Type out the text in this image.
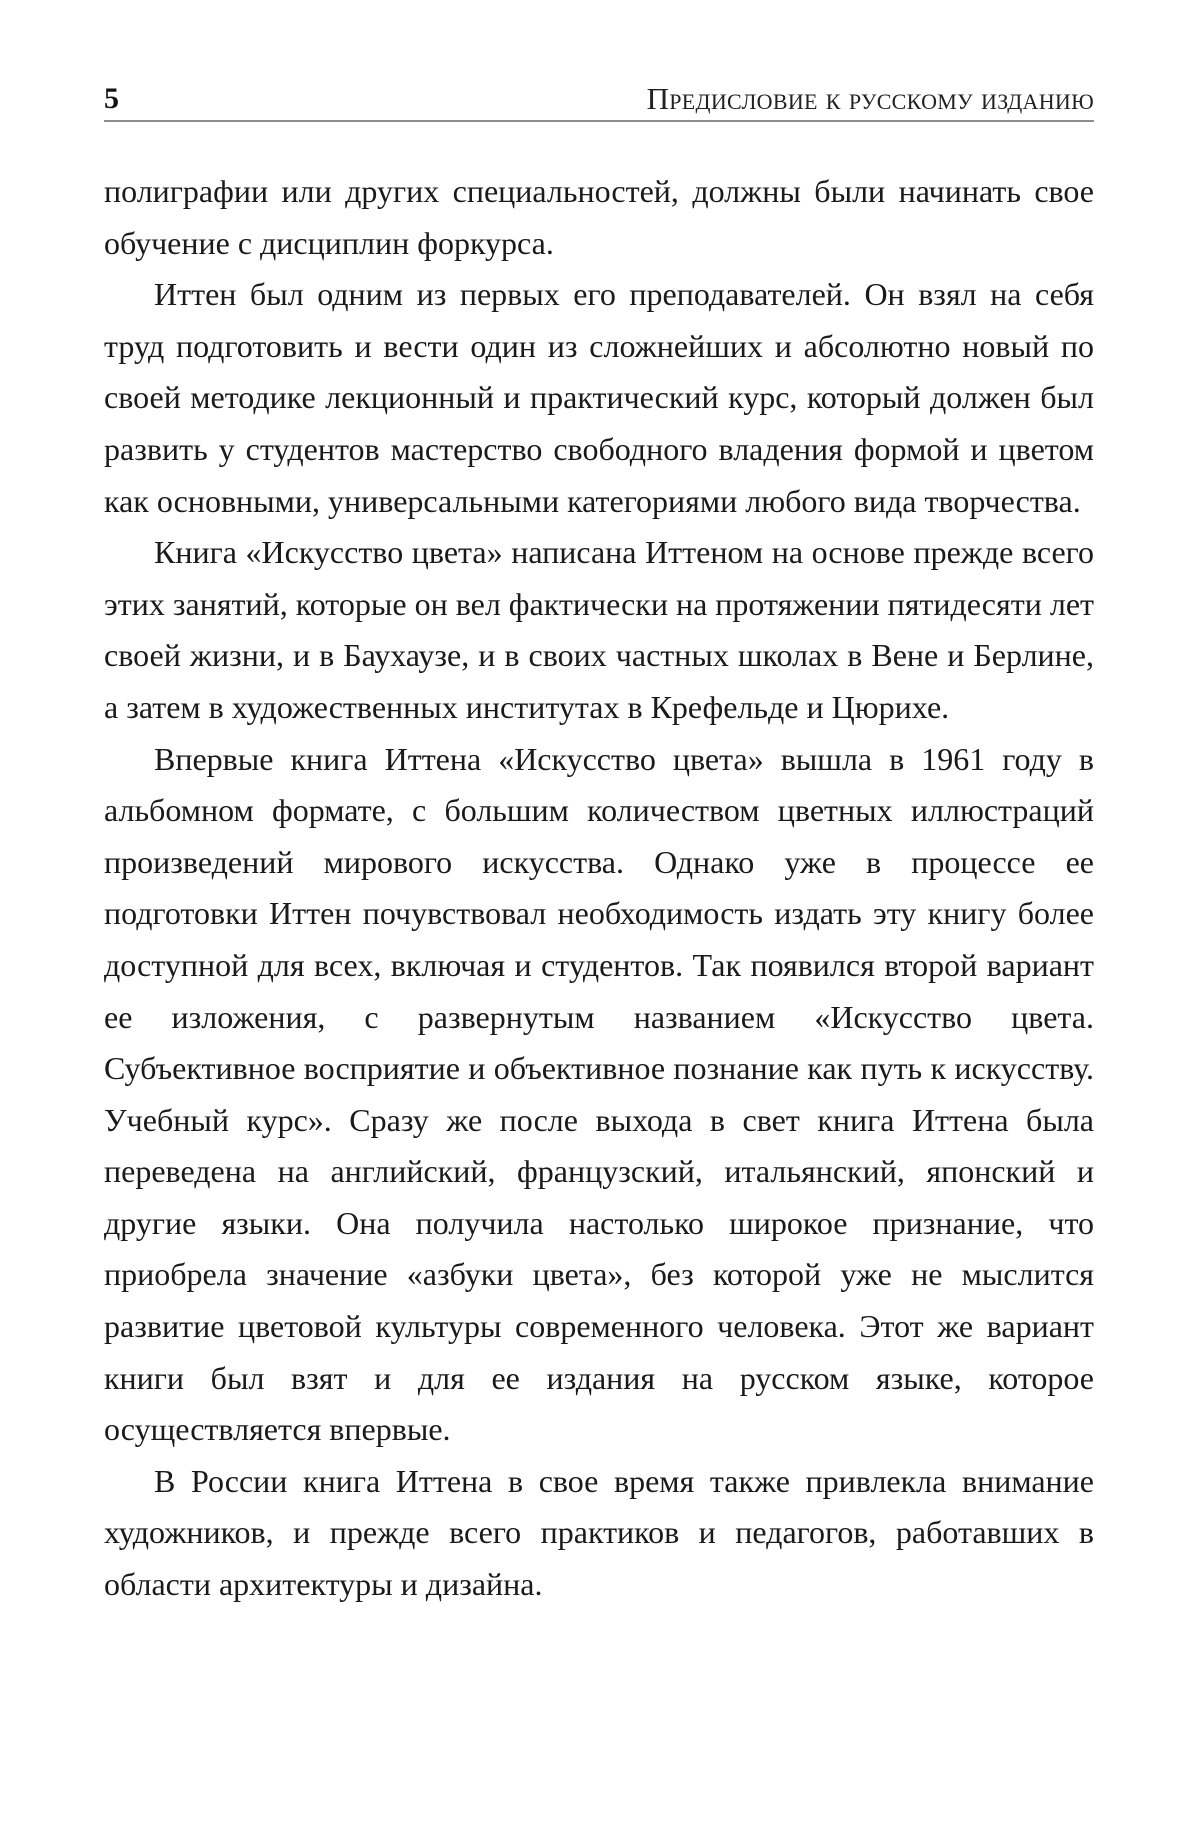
5	Предисловие к русскому изданию

полиграфии или других специальностей, должны были начинать свое обучение с дисциплин форкурса.

Иттен был одним из первых его преподавателей. Он взял на себя труд подготовить и вести один из сложнейших и абсолютно новый по своей методике лекционный и практический курс, который должен был развить у студентов мастерство свободного владения формой и цветом как основными, универсальными категориями любого вида творчества.

Книга «Искусство цвета» написана Иттеном на основе прежде всего этих занятий, которые он вел фактически на протяжении пятидесяти лет своей жизни, и в Баухаузе, и в своих частных школах в Вене и Берлине, а затем в художественных институтах в Крефельде и Цюрихе.

Впервые книга Иттена «Искусство цвета» вышла в 1961 году в альбомном формате, с большим количеством цветных иллюстраций произведений мирового искусства. Однако уже в процессе ее подготовки Иттен почувствовал необходимость издать эту книгу более доступной для всех, включая и студентов. Так появился второй вариант ее изложения, с развернутым названием «Искусство цвета. Субъективное восприятие и объективное познание как путь к искусству. Учебный курс». Сразу же после выхода в свет книга Иттена была переведена на английский, французский, итальянский, японский и другие языки. Она получила настолько широкое признание, что приобрела значение «азбуки цвета», без которой уже не мыслится развитие цветовой культуры современного человека. Этот же вариант книги был взят и для ее издания на русском языке, которое осуществляется впервые.

В России книга Иттена в свое время также привлекла внимание художников, и прежде всего практиков и педагогов, работавших в области архитектуры и дизайна.
